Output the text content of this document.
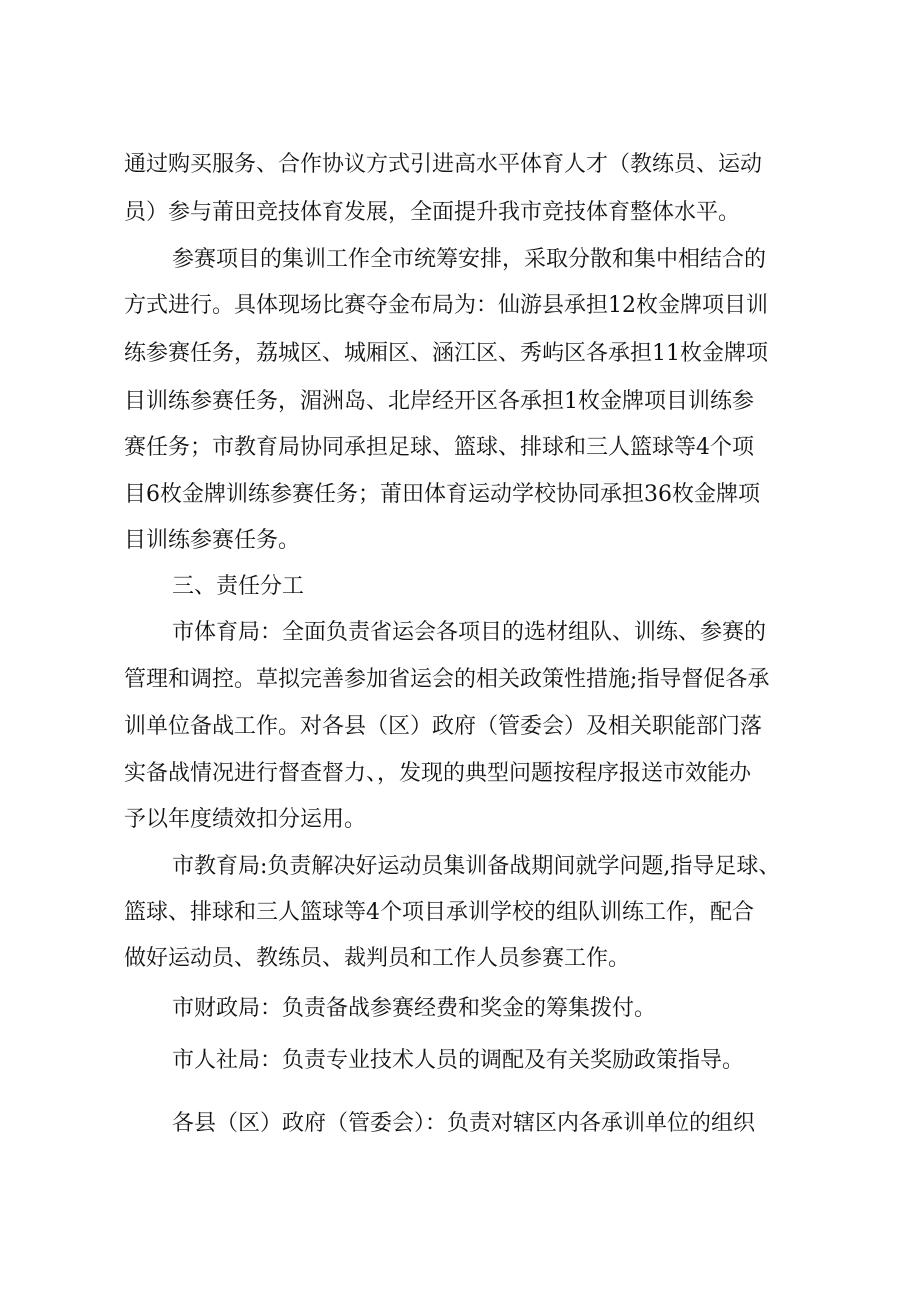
通过购买服务、合作协议方式引进高水平体育人才（教练员、运动
员）参与莆田竞技体育发展，全面提升我市竞技体育整体水平。
参赛项目的集训工作全市统筹安排，采取分散和集中相结合的
方式进行。具体现场比赛夺金布局为：仙游县承担12枚金牌项目训
练参赛任务，荔城区、城厢区、涵江区、秀屿区各承担11枚金牌项
目训练参赛任务，湄洲岛、北岸经开区各承担1枚金牌项目训练参
赛任务；市教育局协同承担足球、篮球、排球和三人篮球等4个项
目6枚金牌训练参赛任务；莆田体育运动学校协同承担36枚金牌项
目训练参赛任务。
三、责任分工
市体育局：全面负责省运会各项目的选材组队、训练、参赛的
管理和调控。草拟完善参加省运会的相关政策性措施;指导督促各承
训单位备战工作。对各县（区）政府（管委会）及相关职能部门落
实备战情况进行督查督力、，发现的典型问题按程序报送市效能办
予以年度绩效扣分运用。
市教育局:负责解决好运动员集训备战期间就学问题,指导足球、
篮球、排球和三人篮球等4个项目承训学校的组队训练工作，配合
做好运动员、教练员、裁判员和工作人员参赛工作。
市财政局：负责备战参赛经费和奖金的筹集拨付。
市人社局：负责专业技术人员的调配及有关奖励政策指导。
各县（区）政府（管委会）：负责对辖区内各承训单位的组织
